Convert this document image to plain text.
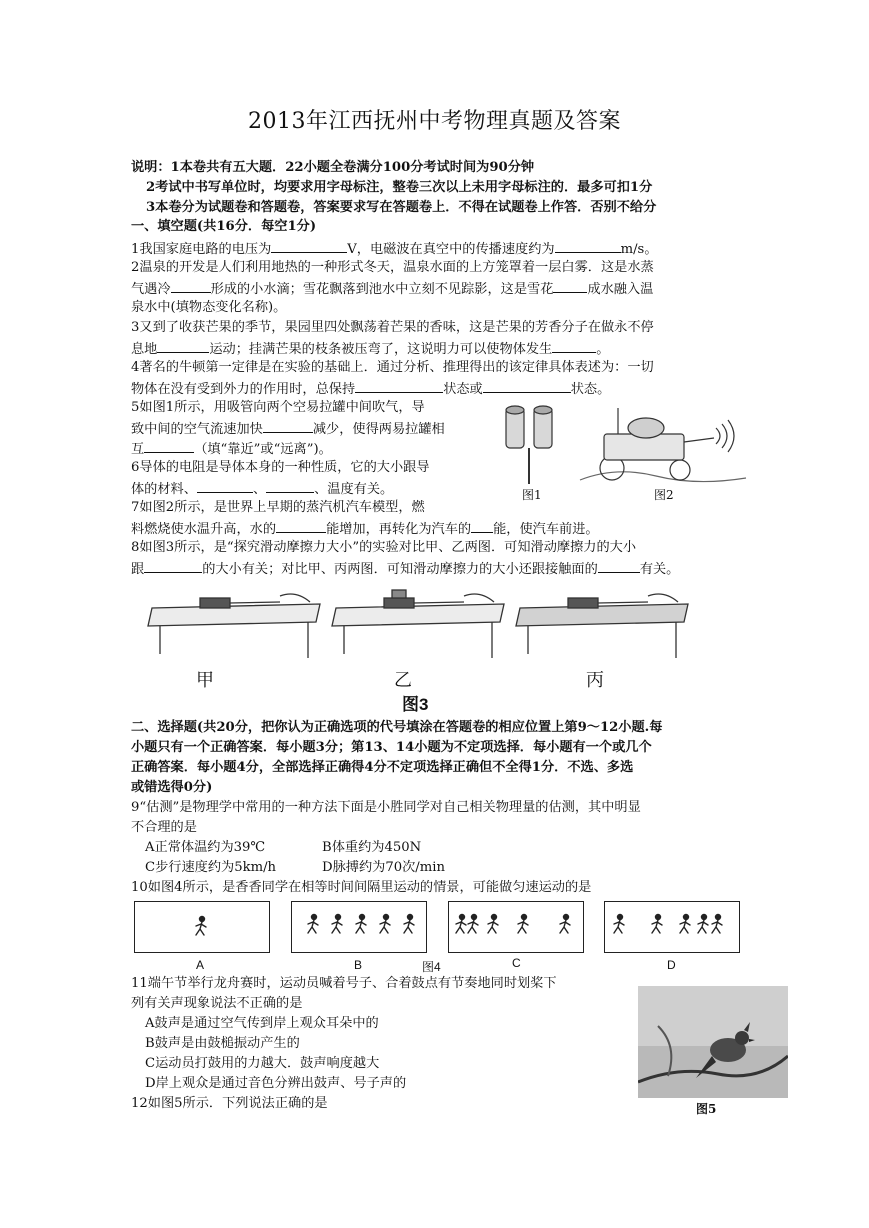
2013年江西抚州中考物理真题及答案
说明：1本卷共有五大题．22小题全卷满分100分考试时间为90分钟
2考试中书写单位时，均要求用字母标注，整卷三次以上未用字母标注的．最多可扣1分
3本卷分为试题卷和答题卷，答案要求写在答题卷上．不得在试题卷上作答．否别不给分
一、填空题(共16分．每空1分)
1我国家庭电路的电压为	V，电磁波在真空中的传播速度约为	m/s。
2温泉的开发是人们利用地热的一种形式冬天，温泉水面的上方笼罩着一层白雾．这是水蒸
气遇冷	形成的小水滴；雪花飘落到池水中立刻不见踪影，这是雪花	成水融入温
泉水中(填物态变化名称)。
3又到了收获芒果的季节，果园里四处飘荡着芒果的香味，这是芒果的芳香分子在做永不停
息地	运动；挂满芒果的枝条被压弯了，这说明力可以使物体发生	。
4著名的牛顿第一定律是在实验的基础上．通过分析、推理得出的该定律具体表述为：一切
物体在没有受到外力的作用时，总保持	状态或	状态。
5如图1所示，用吸管向两个空易拉罐中间吹气，导
致中间的空气流速加快	减少，使得两易拉罐相
互	（填“靠近”或“远离”)。
6导体的电阻是导体本身的一种性质，它的大小跟导
体的材料、	、	、温度有关。
7如图2所示，是世界上早期的蒸汽机汽车模型，燃
料燃烧使水温升高，水的	能增加，再转化为汽车的 能，使汽车前进。
8如图3所示，是“探究滑动摩擦力大小”的实验对比甲、乙两图．可知滑动摩擦力的大小
跟	的大小有关；对比甲、丙两图．可知滑动摩擦力的大小还跟接触面的	有关。
图1	图2
甲	乙	丙
图3
二、选择题(共20分，把你认为正确选项的代号填涂在答题卷的相应位置上第9～12小题.每
小题只有一个正确答案．每小题3分；第13、14小题为不定项选择．每小题有一个或几个
正确答案．每小题4分，全部选择正确得4分不定项选择正确但不全得1分．不选、多选
或错选得0分)
9“估测”是物理学中常用的一种方法下面是小胜同学对自己相关物理量的估测，其中明显
不合理的是
A正常体温约为39℃	B体重约为450N
C步行速度约为5km/h	D脉搏约为70次/min
10如图4所示，是香香同学在相等时间间隔里运动的情景，可能做匀速运动的是
A	B	图4	C	D
11端午节举行龙舟赛时，运动员喊着号子、合着鼓点有节奏地同时划桨下
列有关声现象说法不正确的是
A鼓声是通过空气传到岸上观众耳朵中的
B鼓声是由鼓槌振动产生的
C运动员打鼓用的力越大．鼓声响度越大
D岸上观众是通过音色分辨出鼓声、号子声的
12如图5所示．下列说法正确的是	图5
